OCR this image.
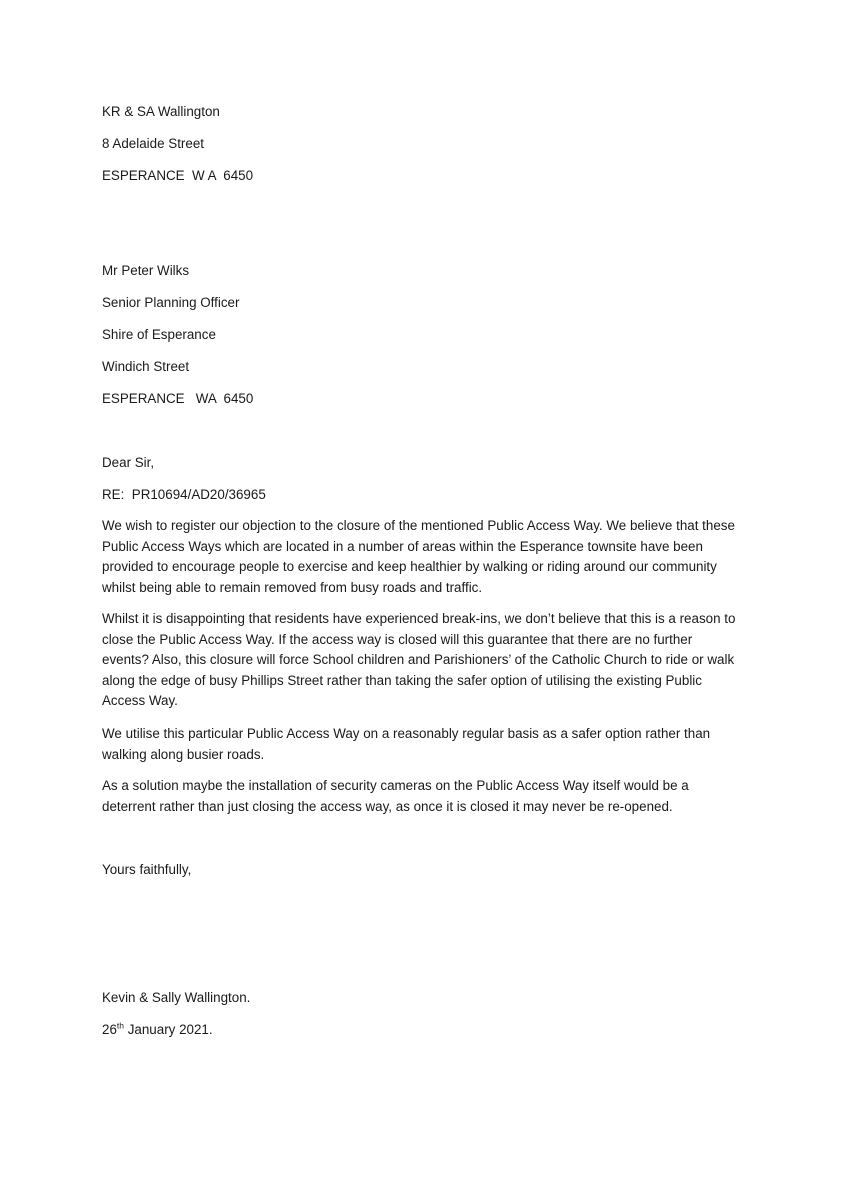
KR & SA Wallington

8 Adelaide Street

ESPERANCE  W A  6450

Mr Peter Wilks

Senior Planning Officer

Shire of Esperance

Windich Street

ESPERANCE   WA  6450

Dear Sir,

RE:  PR10694/AD20/36965

We wish to register our objection to the closure of the mentioned Public Access Way. We believe that these Public Access Ways which are located in a number of areas within the Esperance townsite have been provided to encourage people to exercise and keep healthier by walking or riding around our community whilst being able to remain removed from busy roads and traffic.

Whilst it is disappointing that residents have experienced break-ins, we don’t believe that this is a reason to close the Public Access Way. If the access way is closed will this guarantee that there are no further events? Also, this closure will force School children and Parishioners’ of the Catholic Church to ride or walk along the edge of busy Phillips Street rather than taking the safer option of utilising the existing Public Access Way.

We utilise this particular Public Access Way on a reasonably regular basis as a safer option rather than walking along busier roads.

As a solution maybe the installation of security cameras on the Public Access Way itself would be a deterrent rather than just closing the access way, as once it is closed it may never be re-opened.

Yours faithfully,

Kevin & Sally Wallington.

26th January 2021.
